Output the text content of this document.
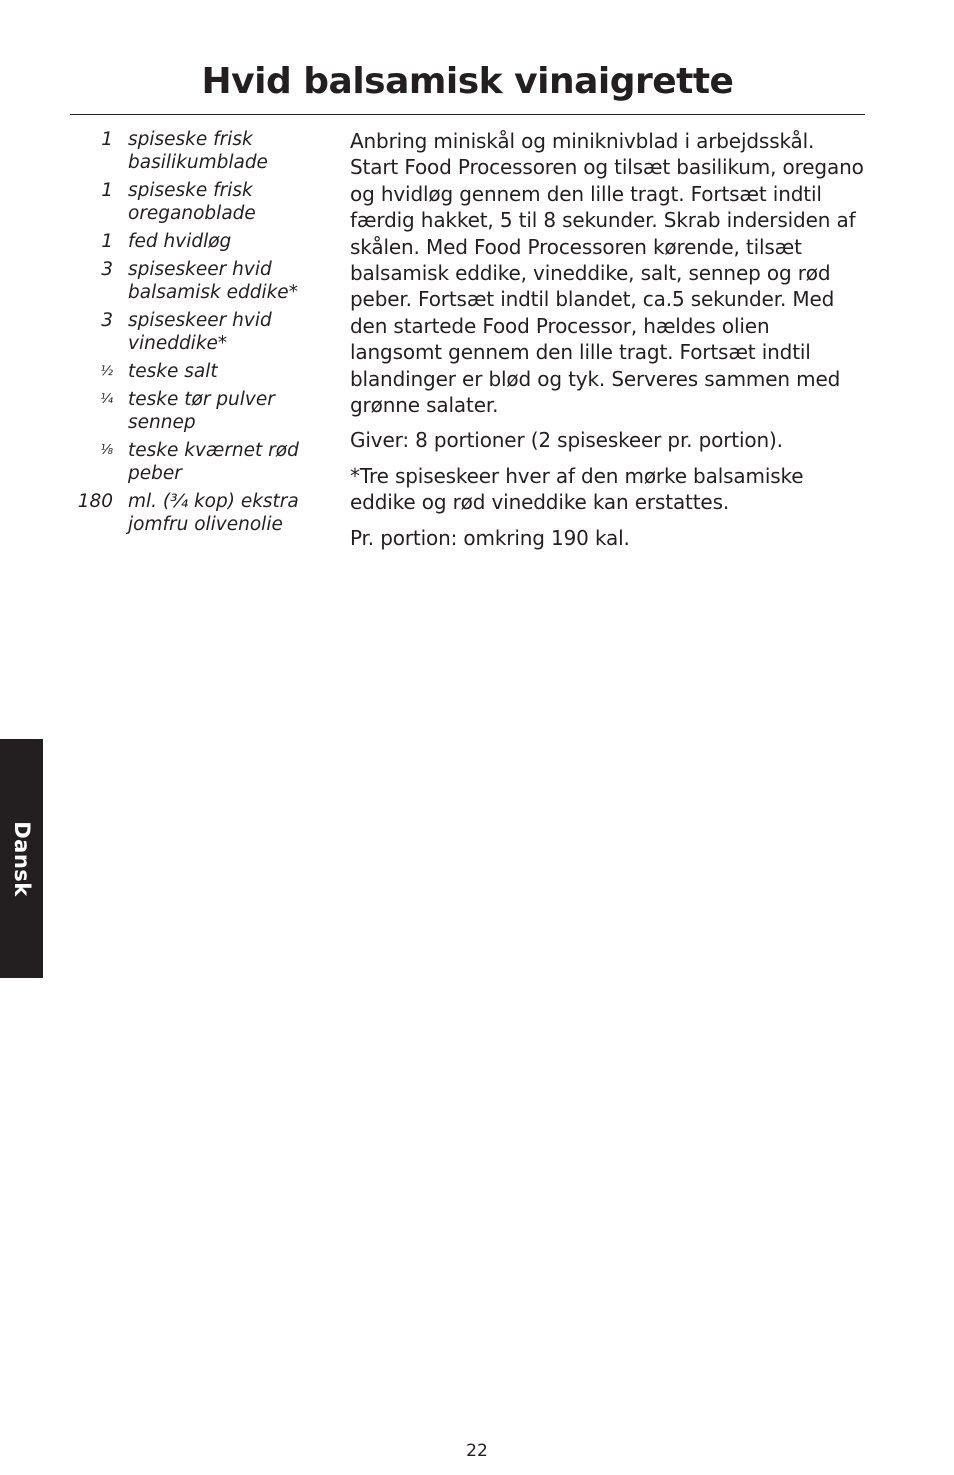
Hvid balsamisk vinaigrette
1 spiseske frisk basilikumblade
1 spiseske frisk oreganoblade
1 fed hvidløg
3 spiseskeer hvid balsamisk eddike*
3 spiseskeer hvid vineddike*
½ teske salt
¼ teske tør pulver sennep
⅛ teske kværnet rød peber
180 ml. (¾ kop) ekstra jomfru olivenolie

Anbring miniskål og miniknivblad i arbejdsskål. Start Food Processoren og tilsæt basilikum, oregano og hvidløg gennem den lille tragt. Fortsæt indtil færdig hakket, 5 til 8 sekunder. Skrab indersiden af skålen. Med Food Processoren kørende, tilsæt balsamisk eddike, vineddike, salt, sennep og rød peber. Fortsæt indtil blandet, ca.5 sekunder. Med den startede Food Processor, hældes olien langsomt gennem den lille tragt. Fortsæt indtil blandinger er blød og tyk. Serveres sammen med grønne salater.

Giver: 8 portioner (2 spiseskeer pr. portion).

*Tre spiseskeer hver af den mørke balsamiske eddike og rød vineddike kan erstattes.

Pr. portion: omkring 190 kal.

Dansk
22
